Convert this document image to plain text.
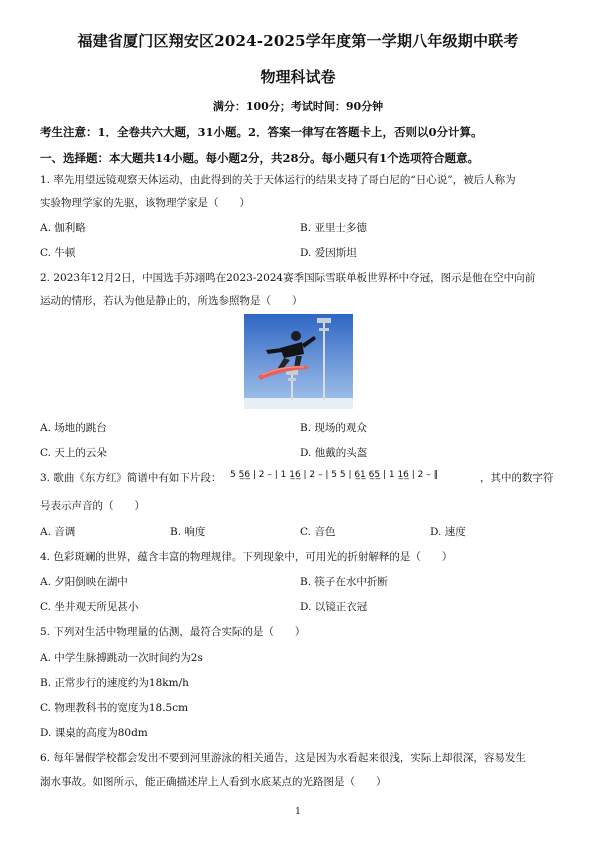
福建省厦门区翔安区2024-2025学年度第一学期八年级期中联考
物理科试卷
满分：100分；考试时间：90分钟
考生注意：1．全卷共六大题，31小题。2．答案一律写在答题卡上，否则以0分计算。
一、选择题：本大题共14小题。每小题2分，共28分。每小题只有1个选项符合题意。
1. 率先用望远镜观察天体运动，由此得到的关于天体运行的结果支持了哥白尼的“日心说”，被后人称为
实验物理学家的先驱，该物理学家是（　　）
A. 伽利略	B. 亚里士多德
C. 牛顿	D. 爱因斯坦
2. 2023年12月2日，中国选手苏翊鸣在2023-2024赛季国际雪联单板世界杯中夺冠，图示是他在空中向前
运动的情形，若认为他是静止的，所选参照物是（　　）
A. 场地的跳台	B. 现场的观众
C. 天上的云朵	D. 他戴的头盔
3. 歌曲《东方红》简谱中有如下片段： 5 5̲6̲ | 2 – | 1 1̲6̲ | 2 – | 5 5 | 6̲1̲ 6̲5̲ | 1 1̲6̲ | 2 – ‖	，其中的数字符
号表示声音的（　　）
A. 音调	B. 响度	C. 音色	D. 速度
4. 色彩斑斓的世界，蕴含丰富的物理规律。下列现象中，可用光的折射解释的是（　　）
A. 夕阳倒映在湖中	B. 筷子在水中折断
C. 坐井观天所见甚小	D. 以镜正衣冠
5. 下列对生活中物理量的估测，最符合实际的是（　　）
A. 中学生脉搏跳动一次时间约为2s
B. 正常步行的速度约为18km/h
C. 物理教科书的宽度为18.5cm
D. 课桌的高度为80dm
6. 每年暑假学校都会发出不要到河里游泳的相关通告，这是因为水看起来很浅，实际上却很深，容易发生
溺水事故。如图所示，能正确描述岸上人看到水底某点的光路图是（　　）
1
